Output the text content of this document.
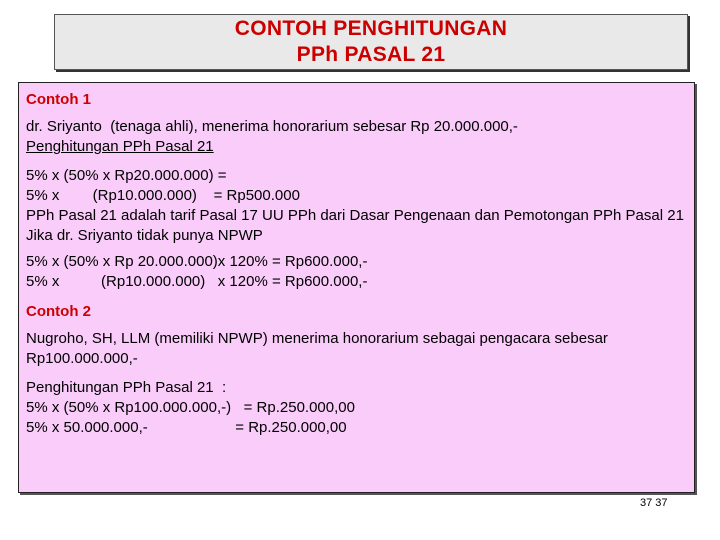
CONTOH PENGHITUNGAN
PPh PASAL 21

Contoh 1

dr. Sriyanto  (tenaga ahli), menerima honorarium sebesar Rp 20.000.000,-

Penghitungan PPh Pasal 21

5% x (50% x Rp20.000.000) =

5% x        (Rp10.000.000)    = Rp500.000

PPh Pasal 21 adalah tarif Pasal 17 UU PPh dari Dasar Pengenaan dan Pemotongan PPh Pasal 21

Jika dr. Sriyanto tidak punya NPWP

5% x (50% x Rp 20.000.000)x 120% = Rp600.000,-

5% x          (Rp10.000.000)   x 120% = Rp600.000,-

Contoh 2

Nugroho, SH, LLM (memiliki NPWP) menerima honorarium sebagai pengacara sebesar Rp100.000.000,-

Penghitungan PPh Pasal 21  :

5% x (50% x Rp100.000.000,-)   = Rp.250.000,00

5% x 50.000.000,-                     = Rp.250.000,00

37 37
